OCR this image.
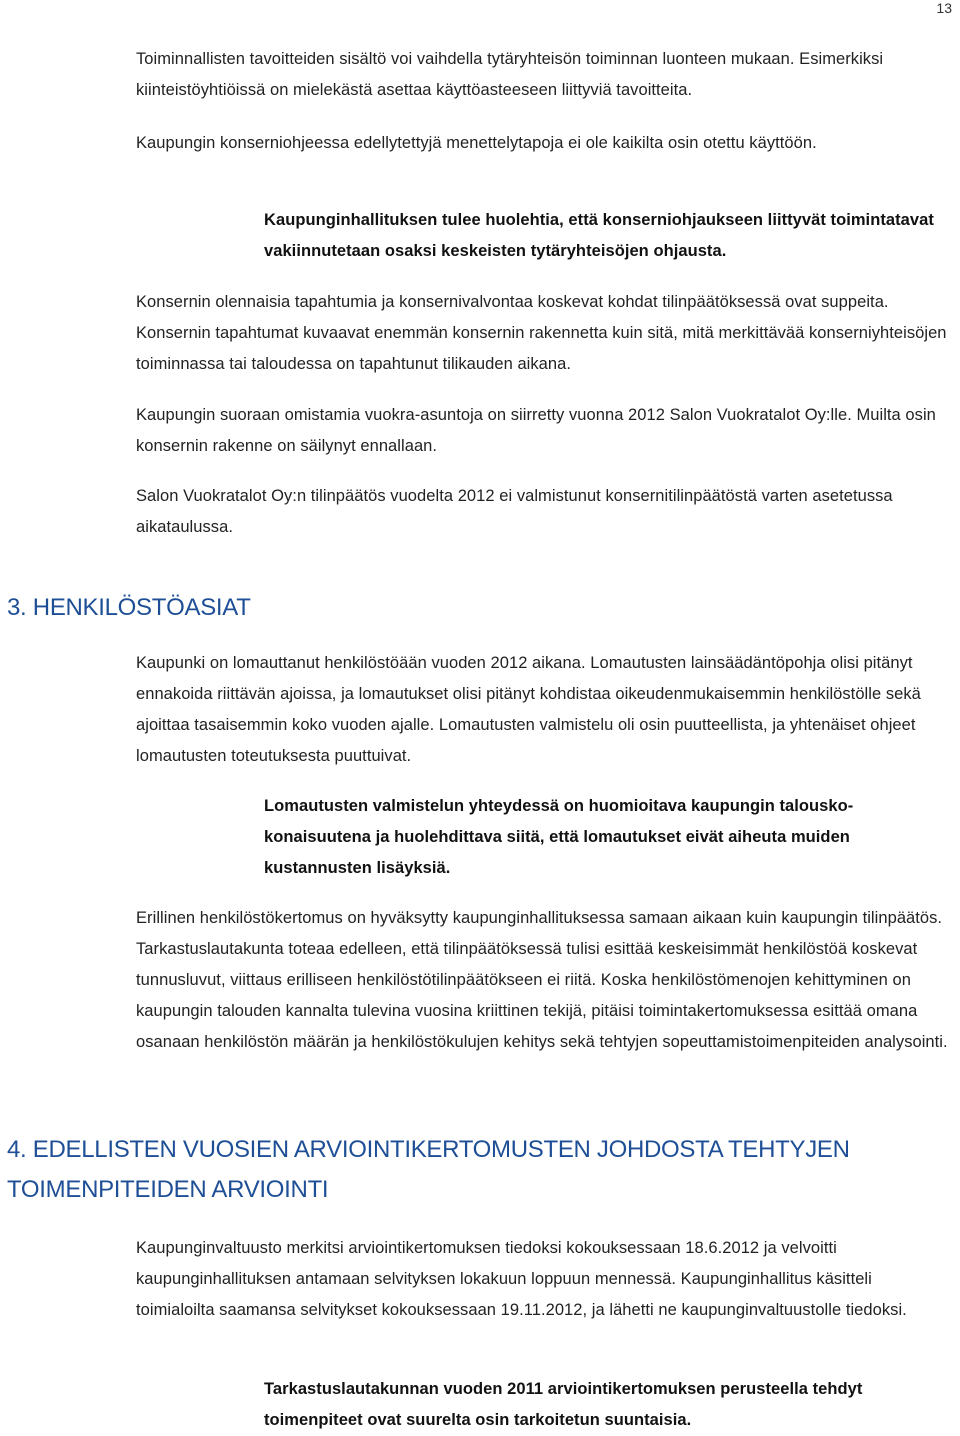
13

Toiminnallisten tavoitteiden sisältö voi vaihdella tytäryhteisön toiminnan luonteen mukaan. Esimerkiksi kiinteistöyhtiöissä on mielekästä asettaa käyttöasteeseen liittyviä tavoitteita.

Kaupungin konserniohjeessa edellytettyjä menettelytapoja ei ole kaikilta osin otettu käyttöön.

Kaupunginhallituksen tulee huolehtia, että konserniohjaukseen liittyvät toimintatavat vakiinnutetaan osaksi keskeisten tytäryhteisöjen ohjausta.

Konsernin olennaisia tapahtumia ja konsernivalvontaa koskevat kohdat tilinpäätöksessä ovat suppeita. Konsernin tapahtumat kuvaavat enemmän konsernin rakennetta kuin sitä, mitä merkittävää konserniyhteisöjen toiminnassa tai taloudessa on tapahtunut tilikauden aikana.

Kaupungin suoraan omistamia vuokra-asuntoja on siirretty vuonna 2012 Salon Vuokratalot Oy:lle. Muilta osin konsernin rakenne on säilynyt ennallaan.

Salon Vuokratalot Oy:n tilinpäätös vuodelta 2012 ei valmistunut konsernitilinpäätöstä varten asetetussa aikataulussa.

3. HENKILÖSTÖASIAT

Kaupunki on lomauttanut henkilöstöään vuoden 2012 aikana. Lomautusten lainsäädäntöpohja olisi pitänyt ennakoida riittävän ajoissa, ja lomautukset olisi pitänyt kohdistaa oikeudenmukaisemmin henkilöstölle sekä ajoittaa tasaisemmin koko vuoden ajalle. Lomautusten valmistelu oli osin puutteellista, ja yhtenäiset ohjeet lomautusten toteutuksesta puuttuivat.

Lomautusten valmistelun yhteydessä on huomioitava kaupungin talouskokonaisuutena ja huolehdittava siitä, että lomautukset eivät aiheuta muiden kustannusten lisäyksiä.

Erillinen henkilöstökertomus on hyväksytty kaupunginhallituksessa samaan aikaan kuin kaupungin tilinpäätös. Tarkastuslautakunta toteaa edelleen, että tilinpäätöksessä tulisi esittää keskeisimmät henkilöstöä koskevat tunnusluvut, viittaus erilliseen henkilöstötilinpäätökseen ei riitä. Koska henkilöstömenojen kehittyminen on kaupungin talouden kannalta tulevina vuosina kriittinen tekijä, pitäisi toimintakertomuksessa esittää omana osanaan henkilöstön määrän ja henkilöstökulujen kehitys sekä tehtyjen sopeuttamistoimenpiteiden analysointi.

4. EDELLISTEN VUOSIEN ARVIOINTIKERTOMUSTEN JOHDOSTA TEHTYJEN TOIMENPITEIDEN ARVIOINTI

Kaupunginvaltuusto merkitsi arviointikertomuksen tiedoksi kokouksessaan 18.6.2012 ja velvoitti kaupunginhallituksen antamaan selvityksen lokakuun loppuun mennessä. Kaupunginhallitus käsitteli toimialoilta saamansa selvitykset kokouksessaan 19.11.2012, ja lähetti ne kaupunginvaltuustolle tiedoksi.

Tarkastuslautakunnan vuoden 2011 arviointikertomuksen perusteella tehdyt toimenpiteet ovat suurelta osin tarkoitetun suuntaisia.
